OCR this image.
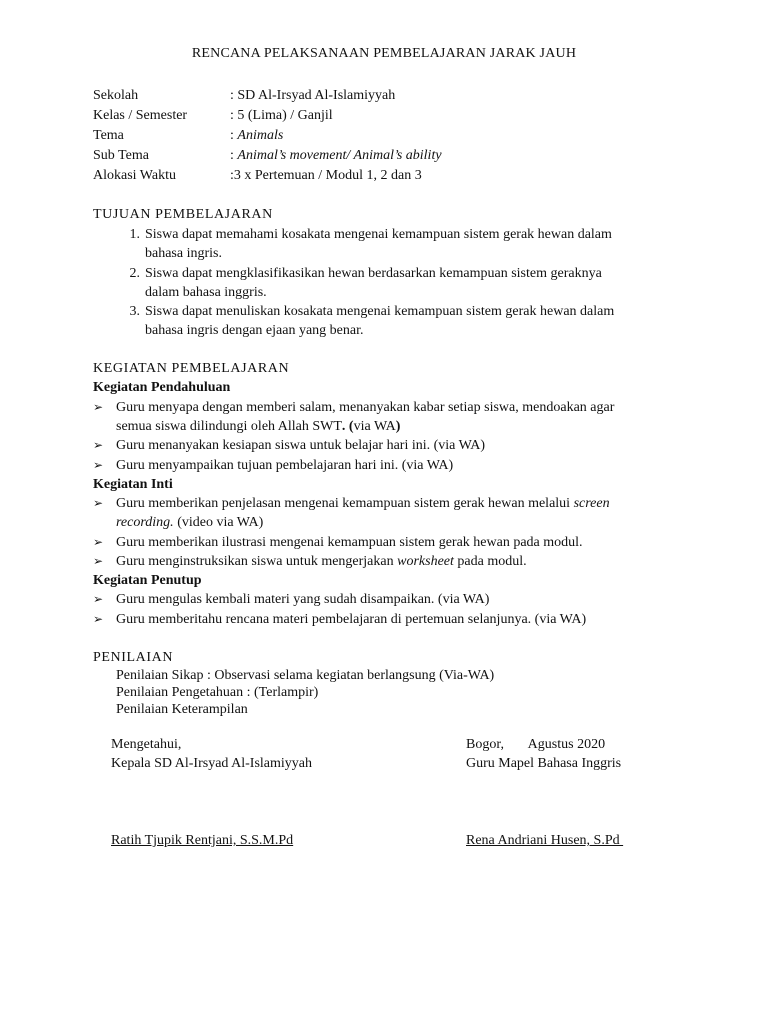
RENCANA PELAKSANAAN PEMBELAJARAN JARAK JAUH
Sekolah	: SD Al-Irsyad Al-Islamiyyah
Kelas / Semester	: 5 (Lima) / Ganjil
Tema	: Animals
Sub Tema	: Animal’s movement/ Animal’s ability
Alokasi Waktu	:3 x Pertemuan / Modul 1, 2 dan 3
TUJUAN PEMBELAJARAN
1. Siswa dapat memahami kosakata mengenai kemampuan sistem gerak hewan dalam
bahasa ingris.
2. Siswa dapat mengklasifikasikan hewan berdasarkan kemampuan sistem geraknya
dalam bahasa inggris.
3. Siswa dapat menuliskan kosakata mengenai kemampuan sistem gerak hewan dalam
bahasa ingris dengan ejaan yang benar.
KEGIATAN PEMBELAJARAN
Kegiatan Pendahuluan
➢ Guru menyapa dengan memberi salam, menanyakan kabar setiap siswa, mendoakan agar
semua siswa dilindungi oleh Allah SWT. (via WA)
➢ Guru menanyakan kesiapan siswa untuk belajar hari ini. (via WA)
➢ Guru menyampaikan tujuan pembelajaran hari ini. (via WA)
Kegiatan Inti
➢ Guru memberikan penjelasan mengenai kemampuan sistem gerak hewan melalui screen
recording. (video via WA)
➢ Guru memberikan ilustrasi mengenai kemampuan sistem gerak hewan pada modul.
➢ Guru menginstruksikan siswa untuk mengerjakan worksheet pada modul.
Kegiatan Penutup
➢ Guru mengulas kembali materi yang sudah disampaikan. (via WA)
➢ Guru memberitahu rencana materi pembelajaran di pertemuan selanjunya. (via WA)
PENILAIAN
Penilaian Sikap : Observasi selama kegiatan berlangsung (Via-WA)
Penilaian Pengetahuan : (Terlampir)
Penilaian Keterampilan
Mengetahui,
Kepala SD Al-Irsyad Al-Islamiyyah
Bogor,       Agustus 2020
Guru Mapel Bahasa Inggris
Ratih Tjupik Rentjani, S.S.M.Pd	Rena Andriani Husen, S.Pd
